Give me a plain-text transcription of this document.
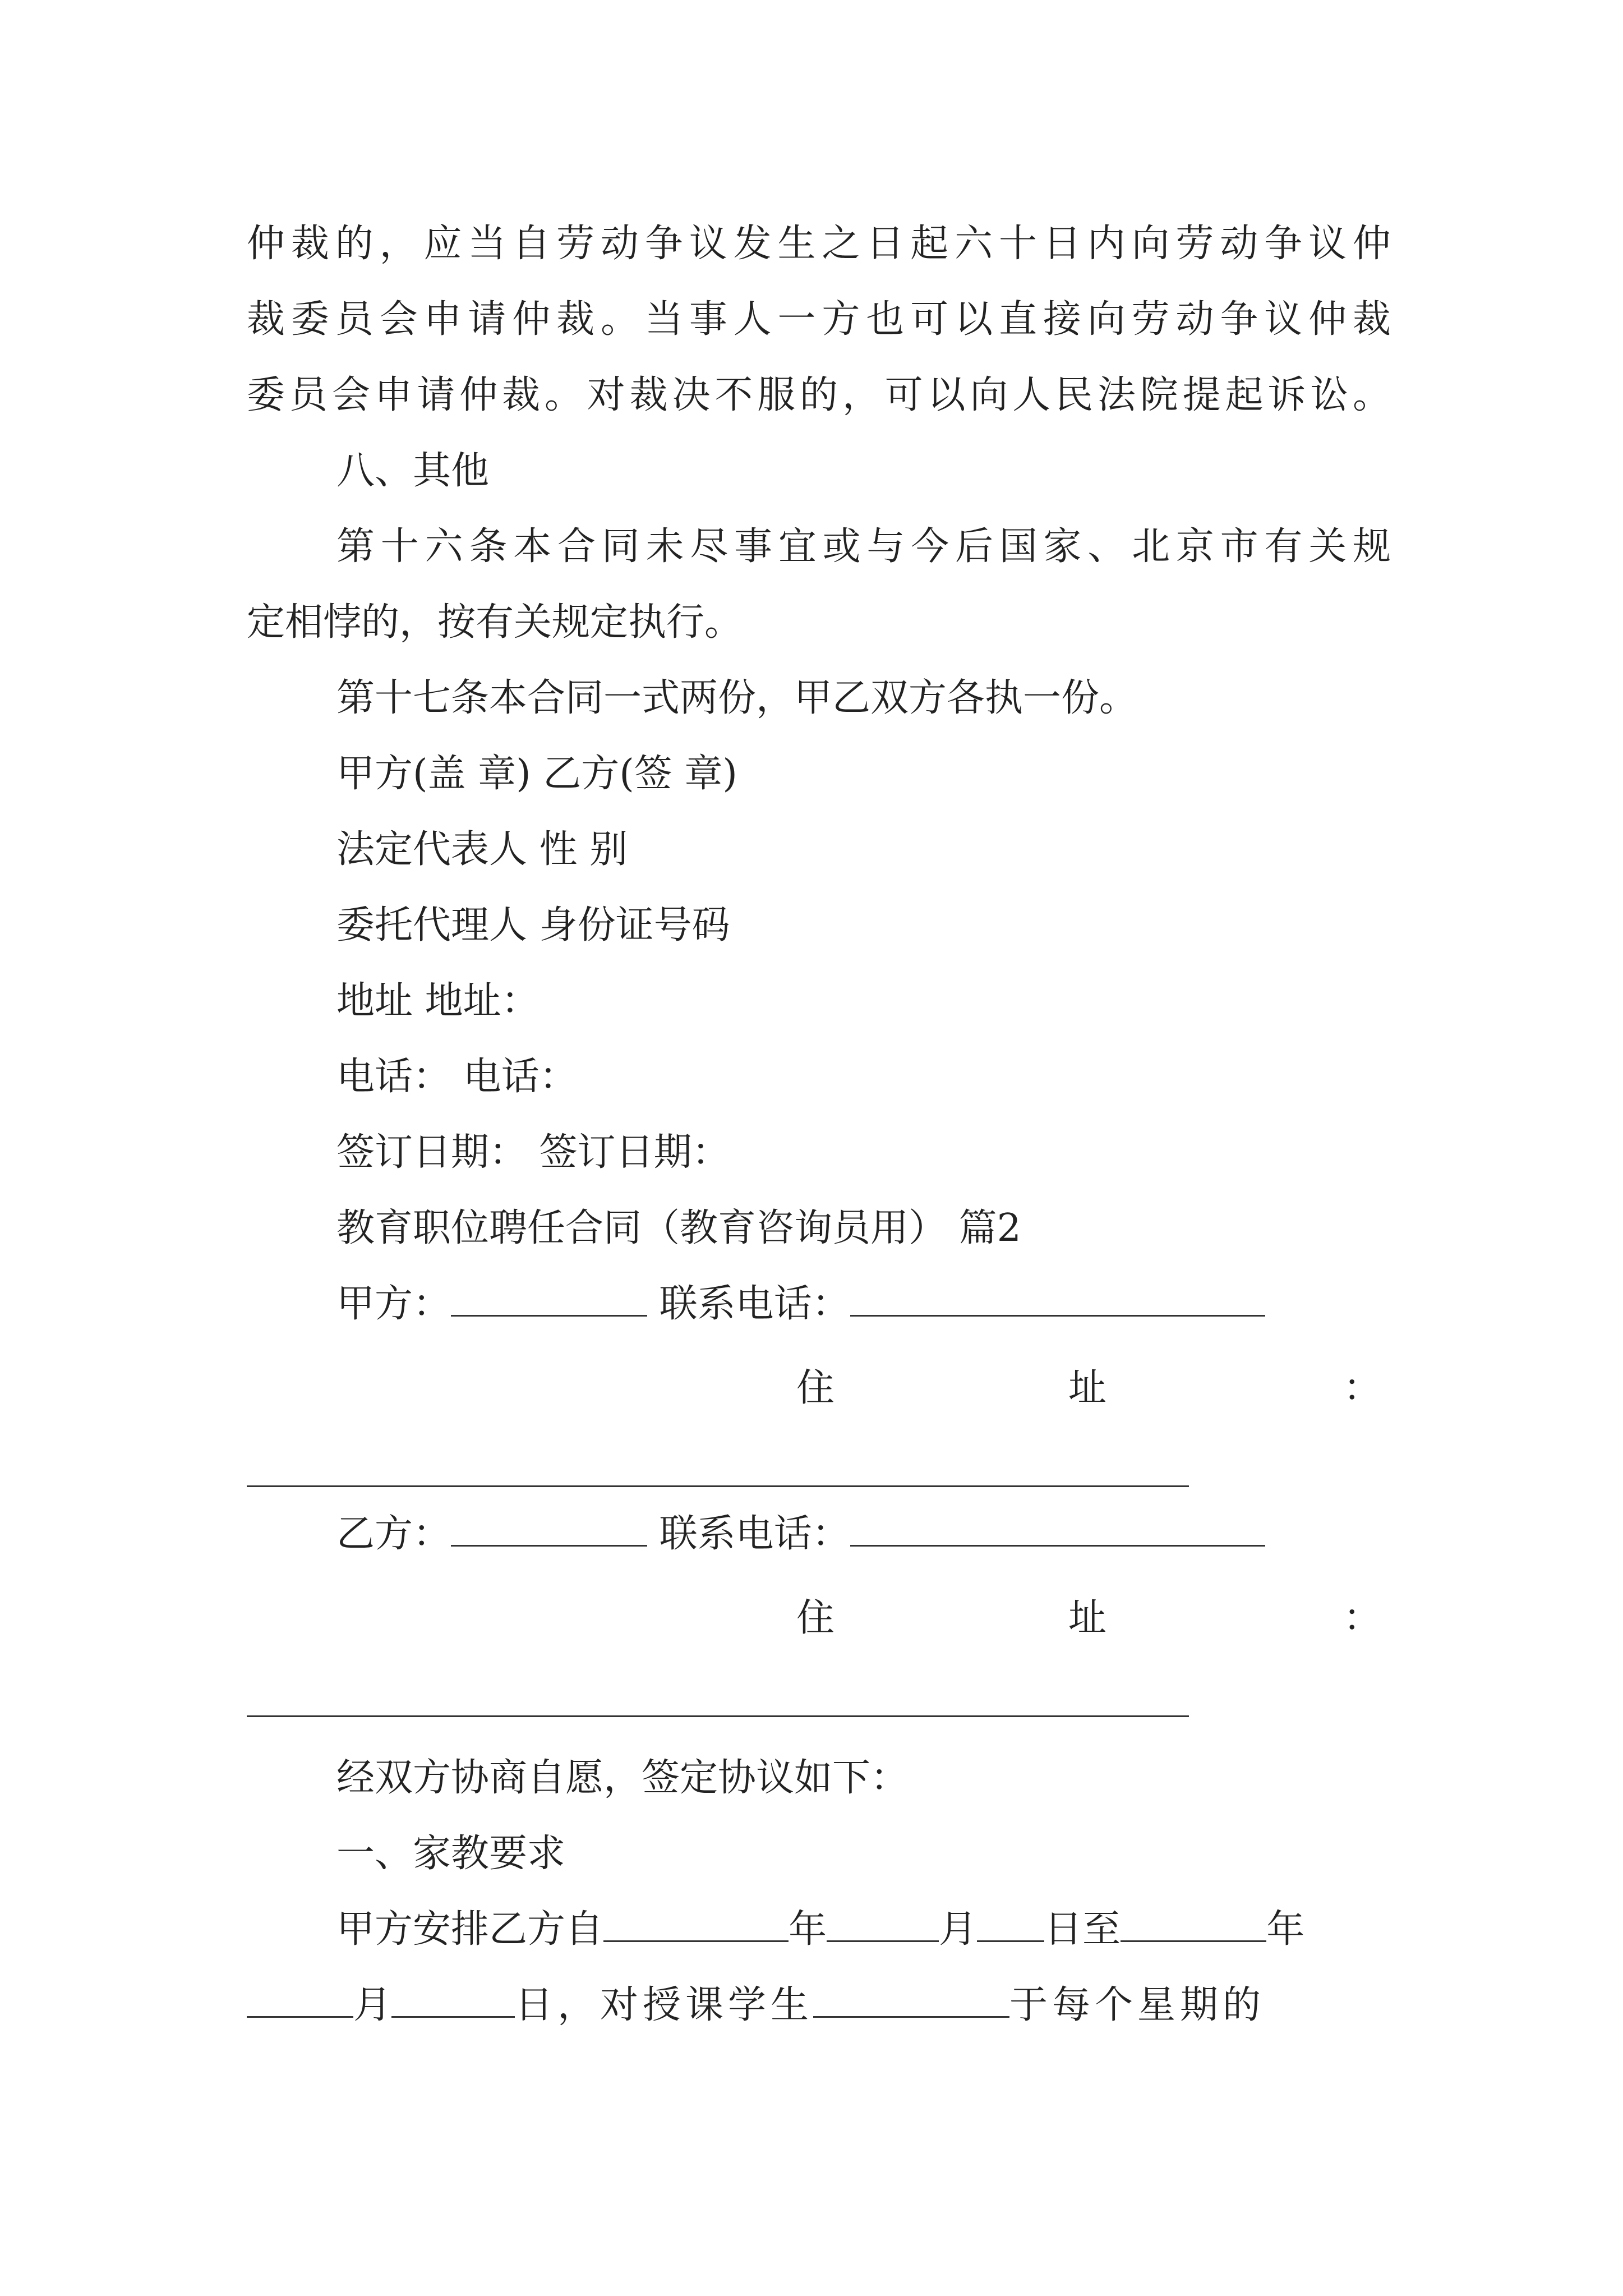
仲裁的，应当自劳动争议发生之日起六十日内向劳动争议仲
裁委员会申请仲裁。当事人一方也可以直接向劳动争议仲裁
委员会申请仲裁。对裁决不服的，可以向人民法院提起诉讼。
八、其他
第十六条本合同未尽事宜或与今后国家、北京市有关规
定相悖的，按有关规定执行。
第十七条本合同一式两份，甲乙双方各执一份。
甲方(盖 章) 乙方(签 章)
法定代表人 性 别
委托代理人 身份证号码
地址 地址：
电话： 电话：
签订日期： 签订日期：
教育职位聘任合同（教育咨询员用） 篇2
甲方：	联系电话：
住	址	：
乙方：	联系电话：
住	址	：
经双方协商自愿，签定协议如下：
一、家教要求
甲方安排乙方自	年	月 日至	年
月	日，对授课学生	于每个星期的
